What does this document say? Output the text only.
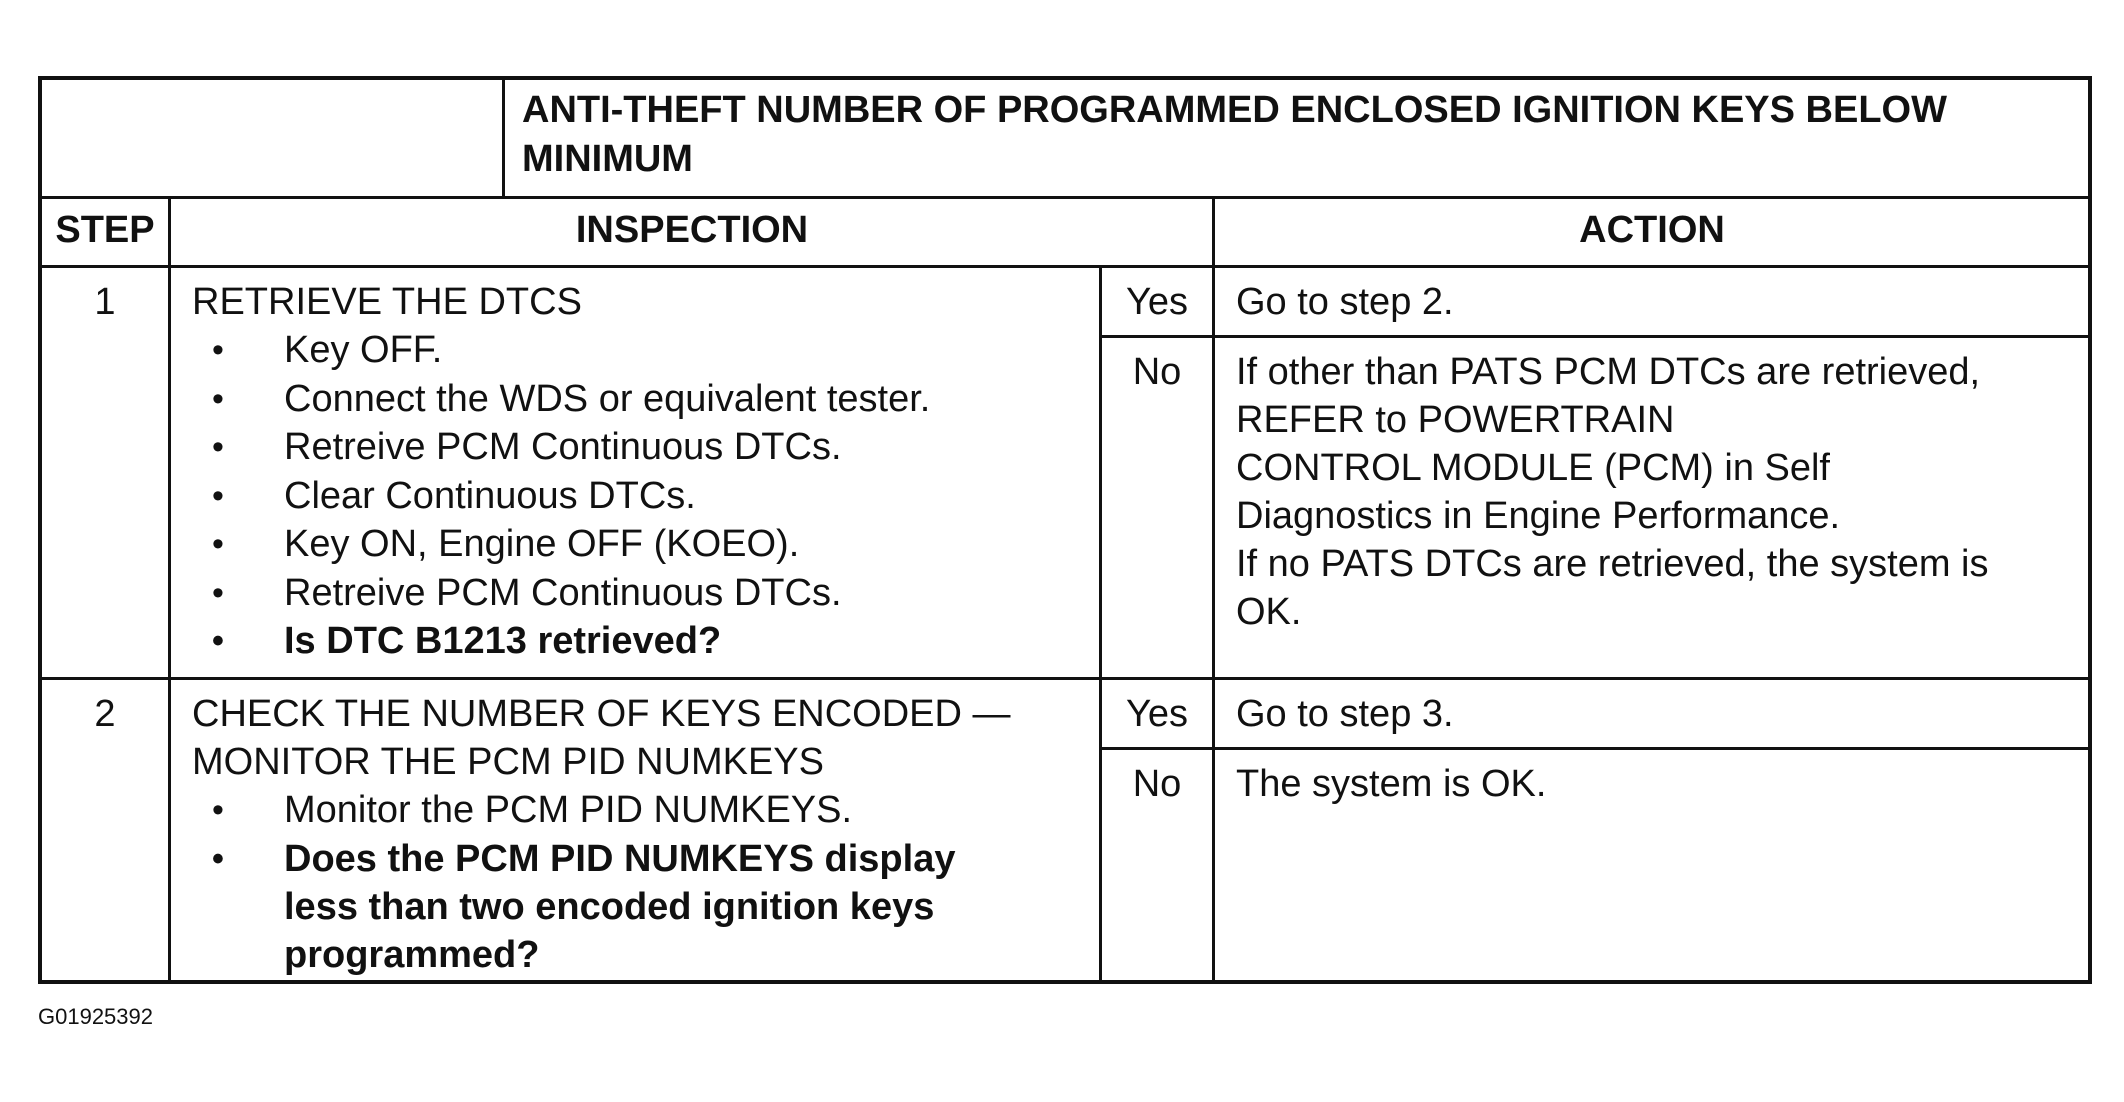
ANTI-THEFT NUMBER OF PROGRAMMED ENCLOSED IGNITION KEYS BELOW
MINIMUM
STEP	INSPECTION	ACTION
1	RETRIEVE THE DTCS
• Key OFF.
• Connect the WDS or equivalent tester.
• Retreive PCM Continuous DTCs.
• Clear Continuous DTCs.
• Key ON, Engine OFF (KOEO).
• Retreive PCM Continuous DTCs.
• Is DTC B1213 retrieved?
Yes	Go to step 2.
No	If other than PATS PCM DTCs are retrieved,
REFER to POWERTRAIN
CONTROL MODULE (PCM) in Self
Diagnostics in Engine Performance.
If no PATS DTCs are retrieved, the system is
OK.
2	CHECK THE NUMBER OF KEYS ENCODED —
MONITOR THE PCM PID NUMKEYS
• Monitor the PCM PID NUMKEYS.
• Does the PCM PID NUMKEYS display
less than two encoded ignition keys
programmed?
Yes	Go to step 3.
No	The system is OK.
G01925392
